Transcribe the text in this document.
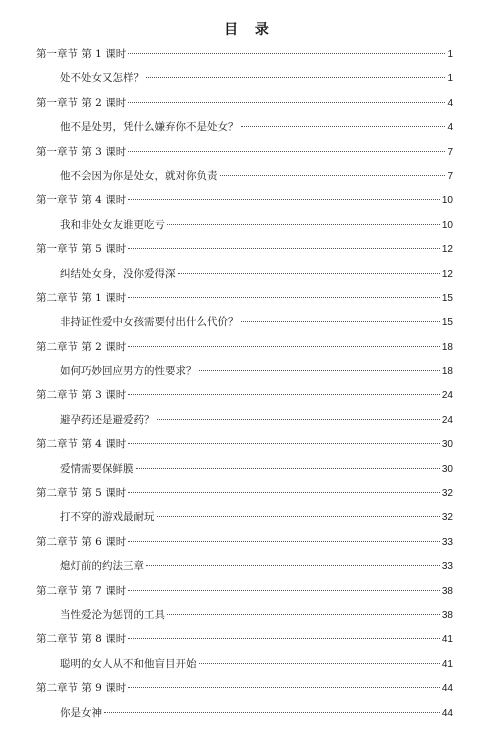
目 录
第一章节 第 1 课时	1
处不处女又怎样？	1
第一章节 第 2 课时	4
他不是处男，凭什么嫌弃你不是处女？	4
第一章节 第 3 课时	7
他不会因为你是处女，就对你负责	7
第一章节 第 4 课时	10
我和非处女友谁更吃亏	10
第一章节 第 5 课时	12
纠结处女身，没你爱得深	12
第二章节 第 1 课时	15
非持证性爱中女孩需要付出什么代价？	15
第二章节 第 2 课时	18
如何巧妙回应男方的性要求？	18
第二章节 第 3 课时	24
避孕药还是避爱药？	24
第二章节 第 4 课时	30
爱情需要保鲜膜	30
第二章节 第 5 课时	32
打不穿的游戏最耐玩	32
第二章节 第 6 课时	33
熄灯前的约法三章	33
第二章节 第 7 课时	38
当性爱沦为惩罚的工具	38
第二章节 第 8 课时	41
聪明的女人从不和他盲目开始	41
第二章节 第 9 课时	44
你是女神	44
